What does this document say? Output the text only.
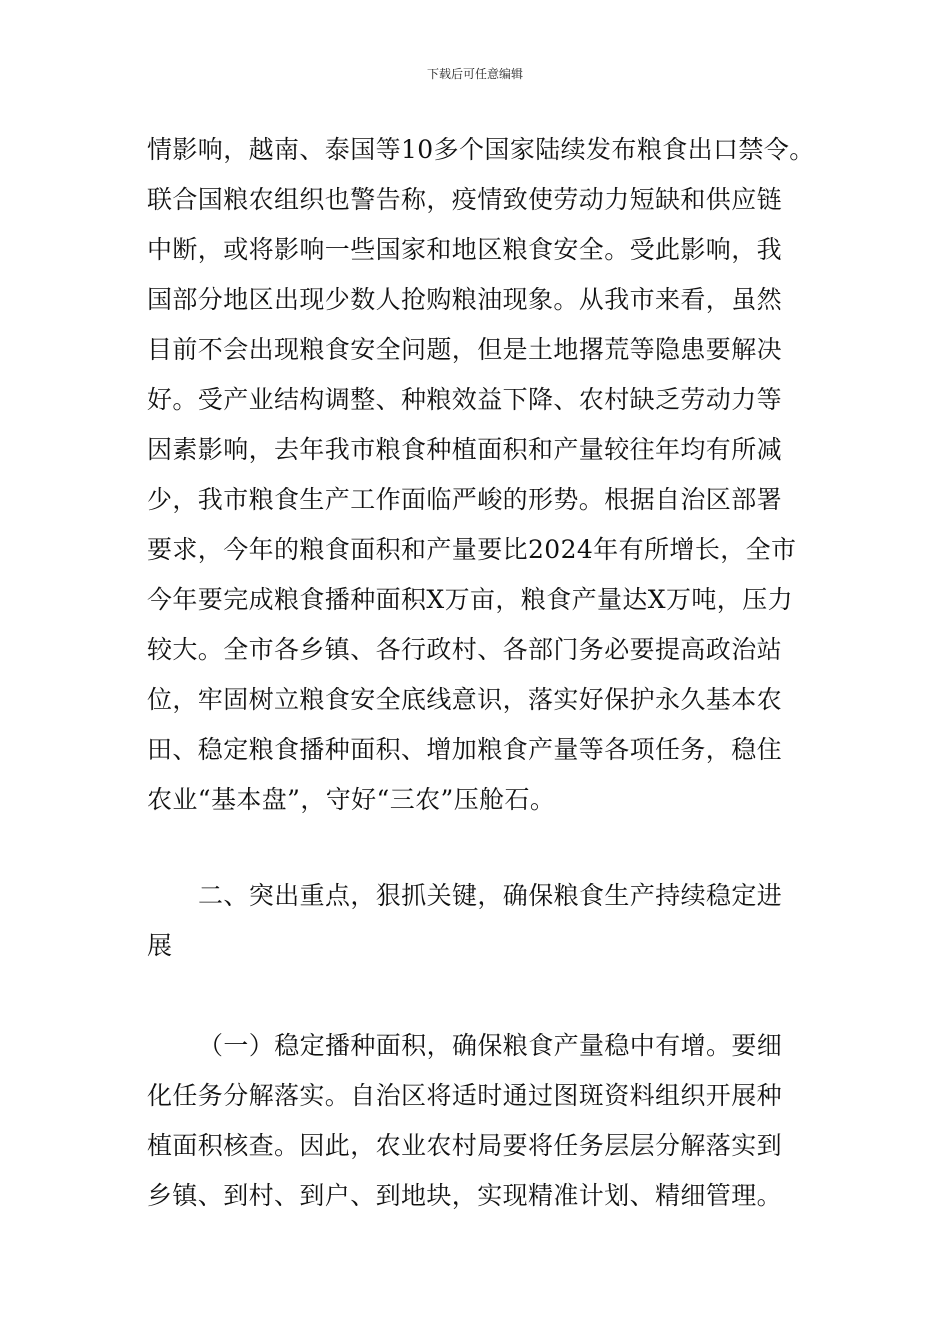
下载后可任意编辑
情影响，越南、泰国等10多个国家陆续发布粮食出口禁令。
联合国粮农组织也警告称，疫情致使劳动力短缺和供应链
中断，或将影响一些国家和地区粮食安全。受此影响，我
国部分地区出现少数人抢购粮油现象。从我市来看，虽然
目前不会出现粮食安全问题，但是土地撂荒等隐患要解决
好。受产业结构调整、种粮效益下降、农村缺乏劳动力等
因素影响，去年我市粮食种植面积和产量较往年均有所减
少，我市粮食生产工作面临严峻的形势。根据自治区部署
要求，今年的粮食面积和产量要比2024年有所增长，全市
今年要完成粮食播种面积X万亩，粮食产量达X万吨，压力
较大。全市各乡镇、各行政村、各部门务必要提高政治站
位，牢固树立粮食安全底线意识，落实好保护永久基本农
田、稳定粮食播种面积、增加粮食产量等各项任务，稳住
农业“基本盘”，守好“三农”压舱石。
二、突出重点，狠抓关键，确保粮食生产持续稳定进
展
（一）稳定播种面积，确保粮食产量稳中有增。要细
化任务分解落实。自治区将适时通过图斑资料组织开展种
植面积核查。因此，农业农村局要将任务层层分解落实到
乡镇、到村、到户、到地块，实现精准计划、精细管理。
